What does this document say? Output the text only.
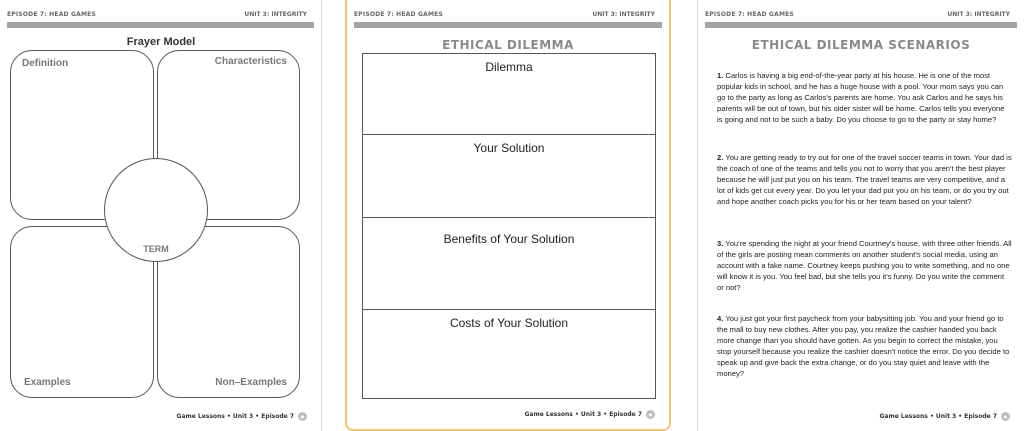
EPISODE 7: HEAD GAMES	UNIT 3: INTEGRITY
Frayer Model
Definition	Characteristics
Examples	Non–Examples
TERM
Game Lessons • Unit 3 • Episode 7	●
EPISODE 7: HEAD GAMES	UNIT 3: INTEGRITY
ETHICAL DILEMMA
Dilemma
Your Solution
Benefits of Your Solution
Costs of Your Solution
Game Lessons • Unit 3 • Episode 7	●
EPISODE 7: HEAD GAMES	UNIT 3: INTEGRITY
ETHICAL DILEMMA SCENARIOS

1. Carlos is having a big end-of-the-year party at his house. He is one of the most popular kids in school, and he has a huge house with a pool. Your mom says you can go to the party as long as Carlos's parents are home. You ask Carlos and he says his parents will be out of town, but his older sister will be home. Carlos tells you everyone is going and not to be such a baby. Do you choose to go to the party or stay home?

2. You are getting ready to try out for one of the travel soccer teams in town. Your dad is the coach of one of the teams and tells you not to worry that you aren't the best player because he will just put you on his team. The travel teams are very competitive, and a lot of kids get cut every year. Do you let your dad put you on his team, or do you try out and hope another coach picks you for his or her team based on your talent?

3. You're spending the night at your friend Courtney's house, with three other friends. All of the girls are posting mean comments on another student's social media, using an account with a fake name. Courtney keeps pushing you to write something, and no one will know it is you. You feel bad, but she tells you it's funny. Do you write the comment or not?

4. You just got your first paycheck from your babysitting job. You and your friend go to the mall to buy new clothes. After you pay, you realize the cashier handed you back more change than you should have gotten. As you begin to correct the mistake, you stop yourself because you realize the cashier doesn't notice the error. Do you decide to speak up and give back the extra change, or do you stay quiet and leave with the money?

Game Lessons • Unit 3 • Episode 7	●
